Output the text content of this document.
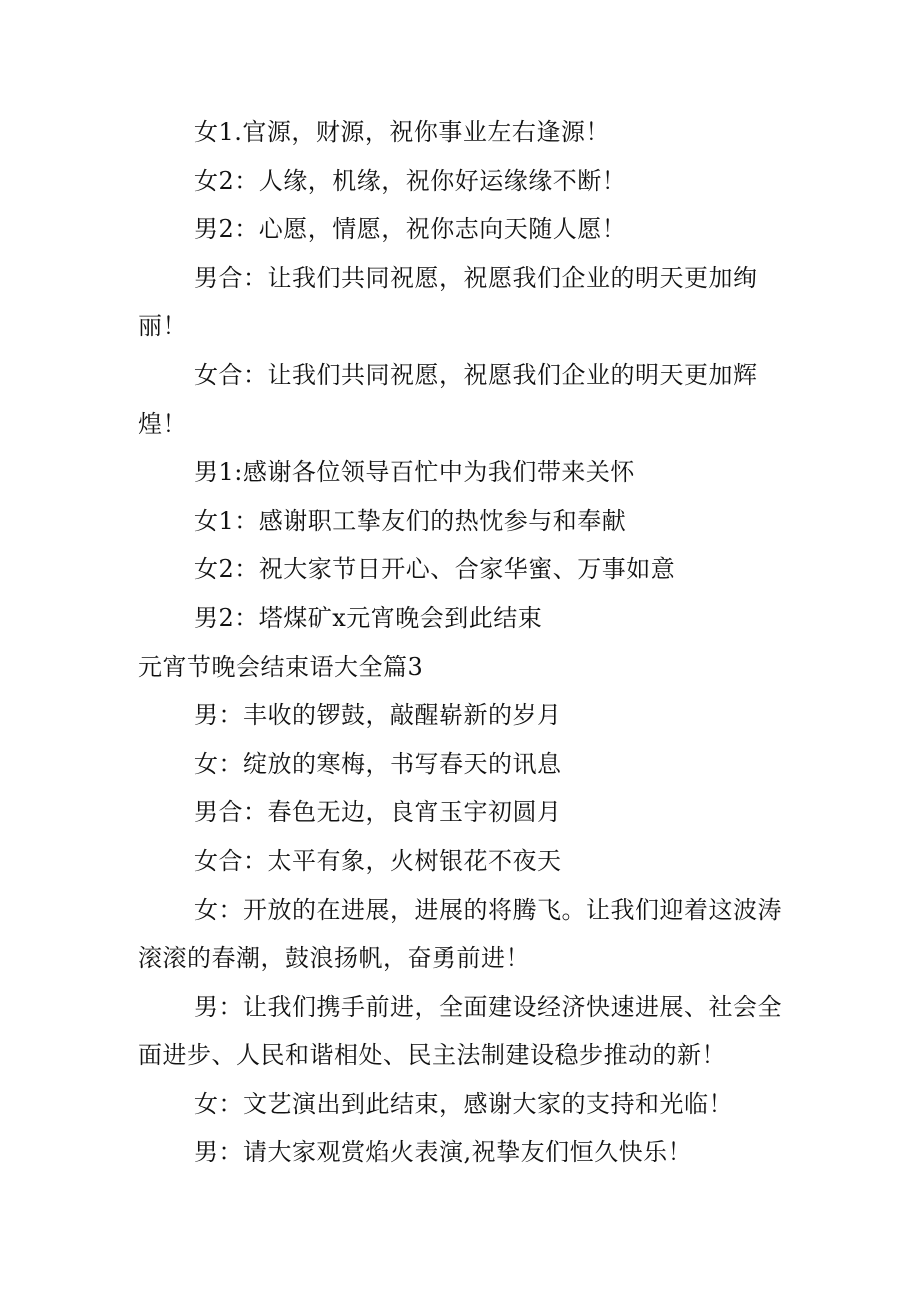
女1.官源，财源，祝你事业左右逢源！

女2：人缘，机缘，祝你好运缘缘不断！

男2：心愿，情愿，祝你志向天随人愿！

男合：让我们共同祝愿，祝愿我们企业的明天更加绚丽！

女合：让我们共同祝愿，祝愿我们企业的明天更加辉煌！

男1:感谢各位领导百忙中为我们带来关怀

女1：感谢职工挚友们的热忱参与和奉献

女2：祝大家节日开心、合家华蜜、万事如意

男2：塔煤矿x元宵晚会到此结束

元宵节晚会结束语大全篇3

男：丰收的锣鼓，敲醒崭新的岁月

女：绽放的寒梅，书写春天的讯息

男合：春色无边，良宵玉宇初圆月

女合：太平有象，火树银花不夜天

女：开放的在进展，进展的将腾飞。让我们迎着这波涛滚滚的春潮，鼓浪扬帆，奋勇前进！

男：让我们携手前进，全面建设经济快速进展、社会全面进步、人民和谐相处、民主法制建设稳步推动的新！

女：文艺演出到此结束，感谢大家的支持和光临！

男：请大家观赏焰火表演,祝挚友们恒久快乐！
